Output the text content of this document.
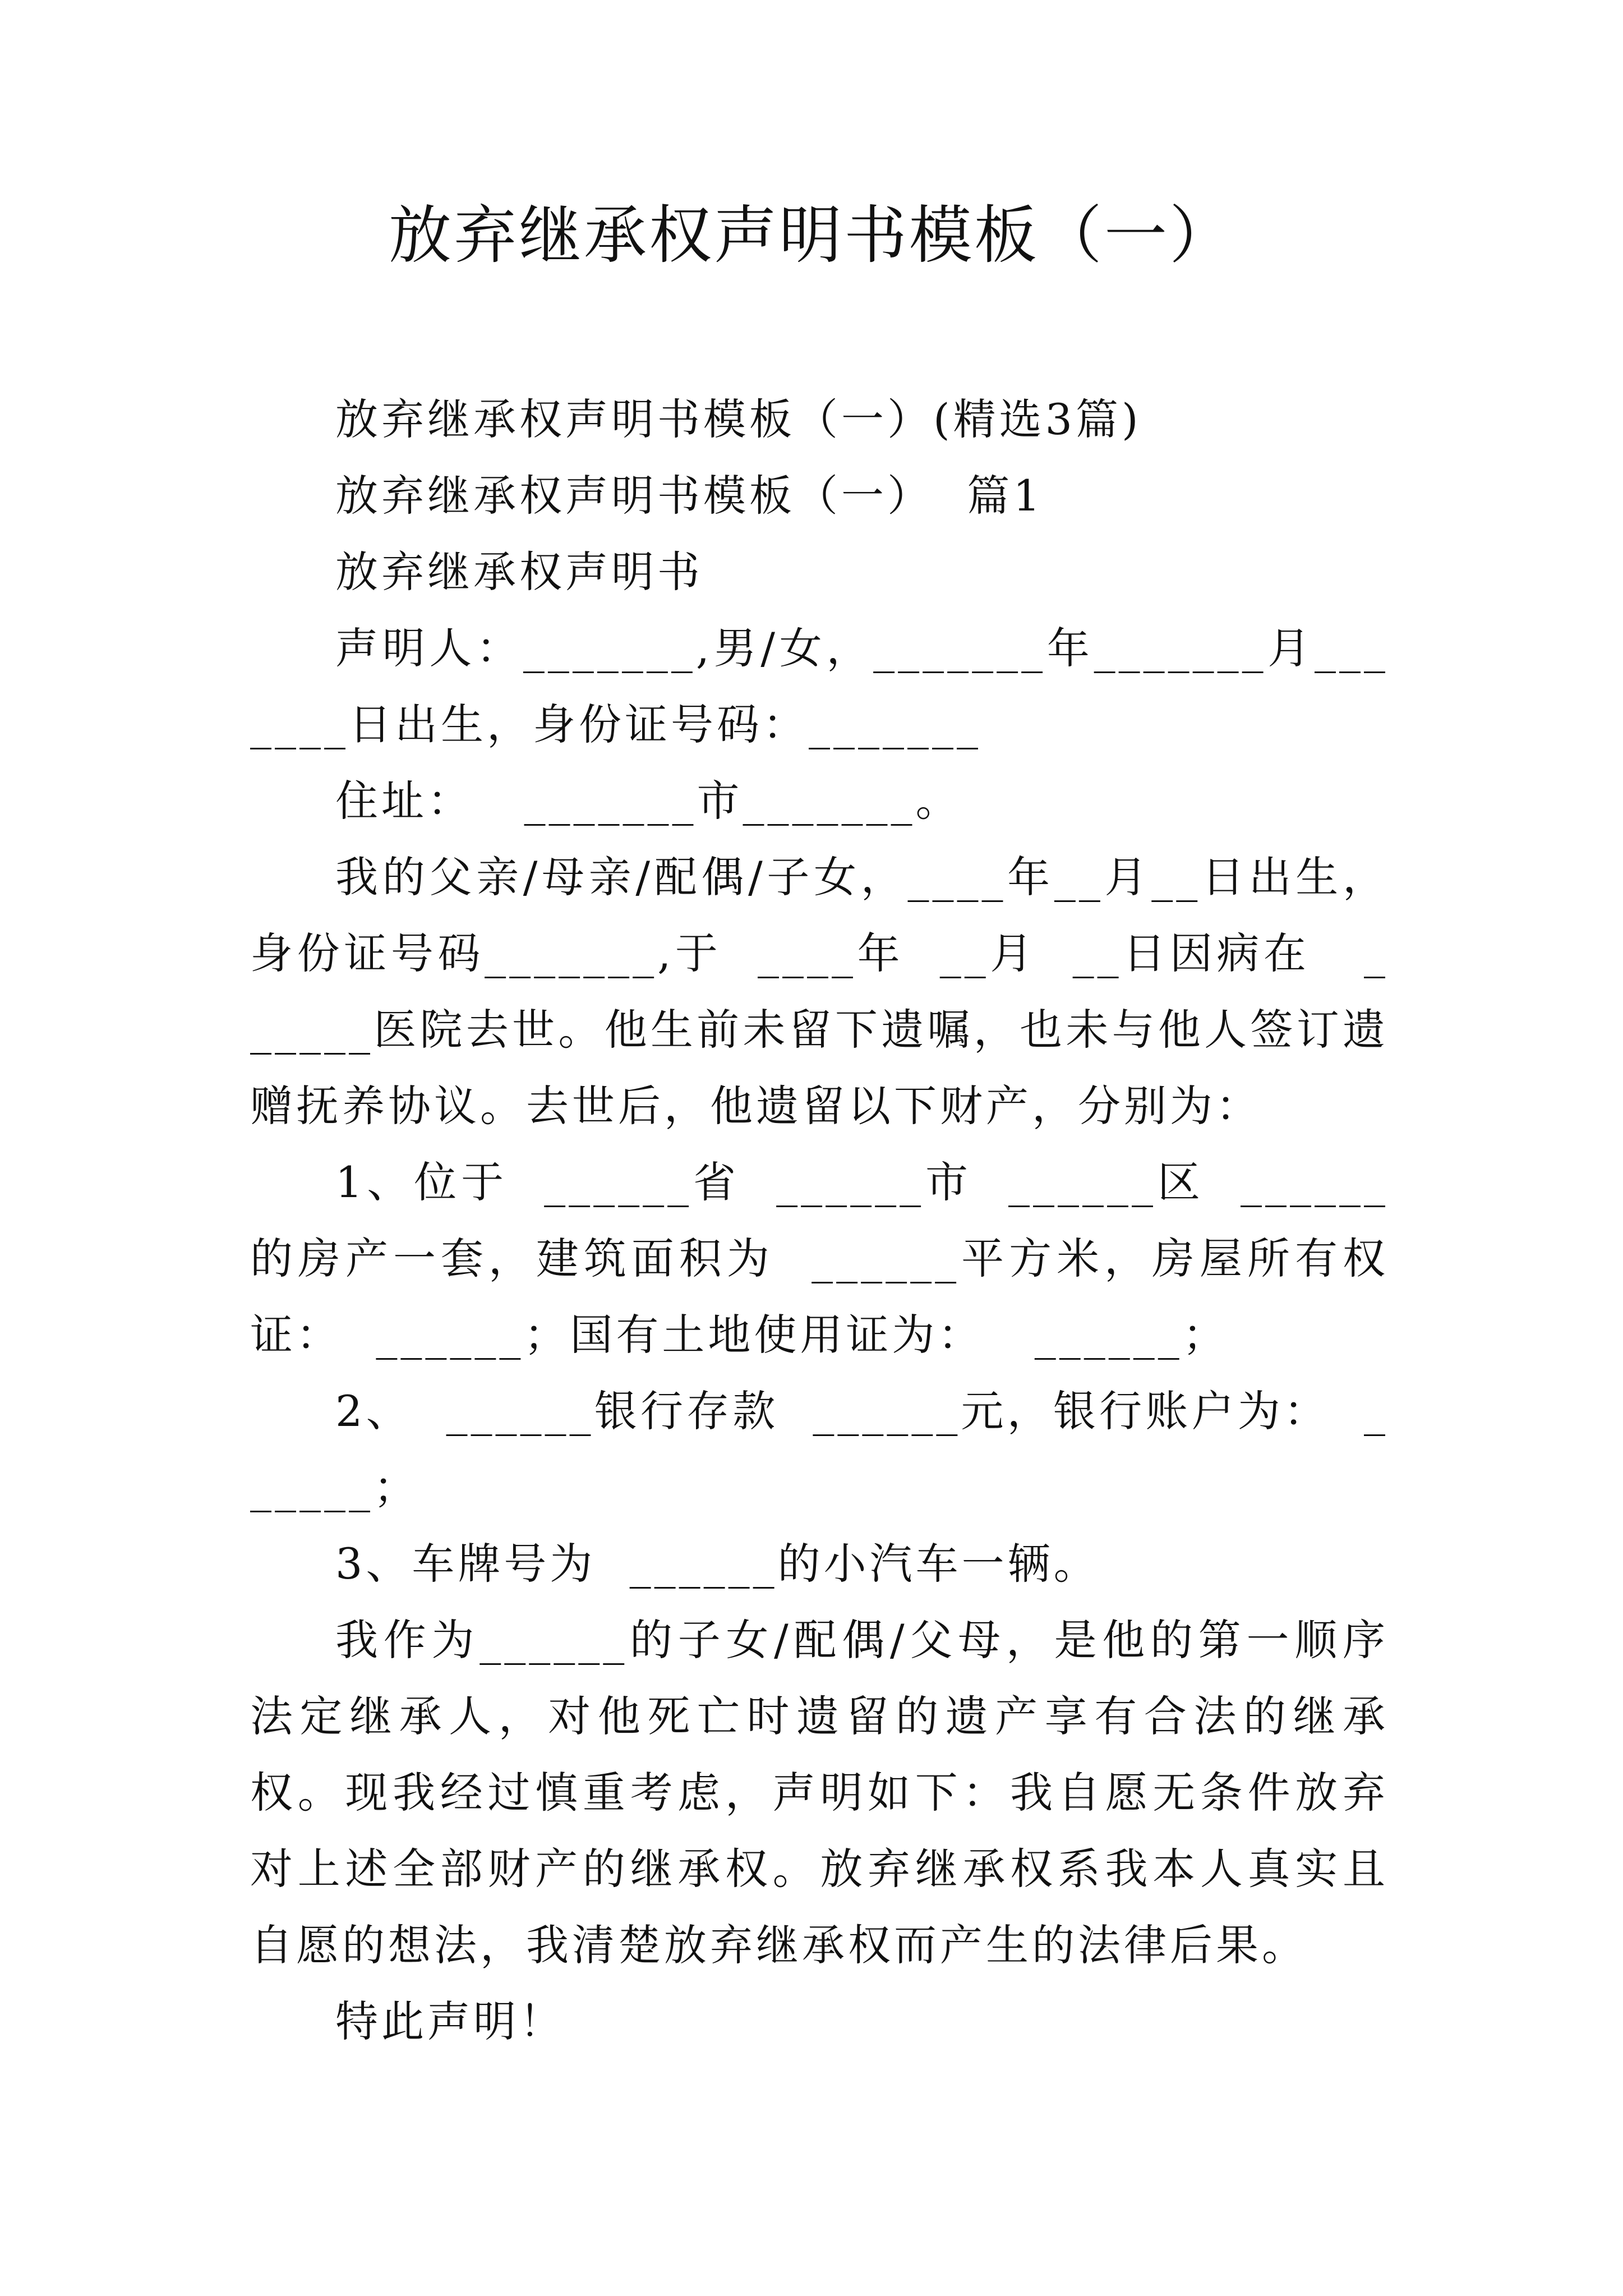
放弃继承权声明书模板（一）

放弃继承权声明书模板（一）(精选3篇)

放弃继承权声明书模板（一）  篇1

放弃继承权声明书

声明人：_______,男/女，_______年_______月_______日出生，身份证号码：_______

住址：   _______市_______。

我的父亲/母亲/配偶/子女，____年__月__日出生，身份证号码_______,于  ____年  __月  __日因病在   ______医院去世。他生前未留下遗嘱，也未与他人签订遗赠抚养协议。去世后，他遗留以下财产，分别为：

1、位于  ______省  ______市  ______区  ______的房产一套，建筑面积为  ______平方米，房屋所有权证：  ______；国有土地使用证为：   ______；

2、  ______银行存款  ______元，银行账户为：  ______；

3、车牌号为  ______的小汽车一辆。

我作为______的子女/配偶/父母，是他的第一顺序法定继承人，对他死亡时遗留的遗产享有合法的继承权。现我经过慎重考虑，声明如下：我自愿无条件放弃对上述全部财产的继承权。放弃继承权系我本人真实且自愿的想法，我清楚放弃继承权而产生的法律后果。

特此声明！
